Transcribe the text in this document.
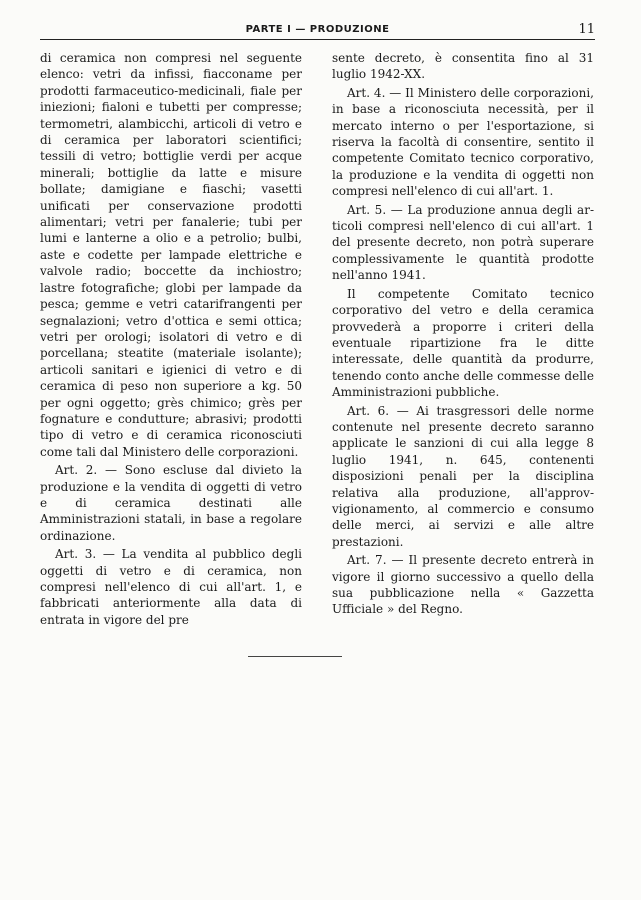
PARTE I — PRODUZIONE	11

di ceramica non compresi nel seguente elenco: vetri da infissi, fiacconame per prodotti farmaceutico-medicinali, fiale per iniezioni; fialoni e tubetti per compresse; termometri, alambicchi, articoli di vetro e di ceramica per laboratori scientifici; tessili di vetro; bottiglie verdi per acque minerali; bottiglie da latte e misure bollate; damigiane e fiaschi; vasetti unificati per conservazione prodotti alimentari; vetri per fanalerie; tubi per lumi e lanterne a olio e a petrolio; bulbi, aste e codette per lampade elettriche e valvole radio; boccette da inchiostro; lastre fotografiche; globi per lampade da pesca; gemme e vetri catarifrangenti per segnalazioni; vetro d'ottica e semi ottica; vetri per orologi; isolatori di vetro e di porcellana; steatite (materiale isolante); articoli sanitari e igienici di vetro e di ceramica di peso non superiore a kg. 50 per ogni oggetto; grès chimico; grès per fognature e condutture; abrasivi; prodotti tipo di vetro e di ceramica riconosciuti come tali dal Ministero delle corporazioni.

Art. 2. — Sono escluse dal divieto la produzione e la vendita di oggetti di vetro e di ceramica destinati alle Amministrazioni statali, in base a regolare ordinazione.

Art. 3. — La vendita al pubblico degli oggetti di vetro e di ceramica, non compresi nell'elenco di cui all'art. 1, e fabbricati anteriormente alla data di entrata in vigore del pre

sente decreto, è consentita fino al 31 luglio 1942-XX.

Art. 4. — Il Ministero delle corporazioni, in base a riconosciuta necessità, per il mercato interno o per l'esportazione, si riserva la facoltà di consentire, sentito il competente Comitato tecnico corporativo, la produzione e la vendita di oggetti non compresi nell'elenco di cui all'art. 1.

Art. 5. — La produzione annua degli articoli compresi nell'elenco di cui all'art. 1 del presente decreto, non potrà superare complessivamente le quantità prodotte nell'anno 1941.

Il competente Comitato tecnico corporativo del vetro e della ceramica provvederà a proporre i criteri della eventuale ripartizione fra le ditte interessate, delle quantità da produrre, tenendo conto anche delle commesse delle Amministrazioni pubbliche.

Art. 6. — Ai trasgressori delle norme contenute nel presente decreto saranno applicate le sanzioni di cui alla legge 8 luglio 1941, n. 645, contenenti disposizioni penali per la disciplina relativa alla produzione, all'approvvigionamento, al commercio e consumo delle merci, ai servizi e alle altre prestazioni.

Art. 7. — Il presente decreto entrerà in vigore il giorno successivo a quello della sua pubblicazione nella « Gazzetta Ufficiale » del Regno.
